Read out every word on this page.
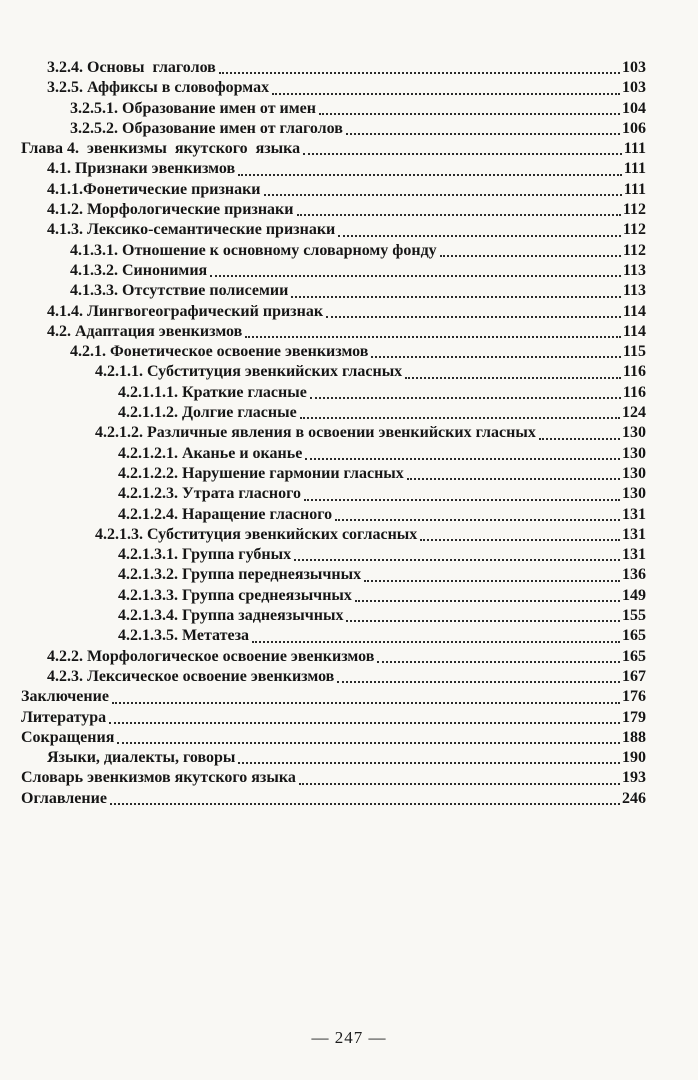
3.2.4. Основы  глаголов	103
3.2.5. Аффиксы в словоформах	103
3.2.5.1. Образование имен от имен	104
3.2.5.2. Образование имен от глаголов	106
Глава 4.  эвенкизмы  якутского  языка	111
4.1. Признаки эвенкизмов	111
4.1.1.Фонетические признаки	111
4.1.2. Морфологические признаки	112
4.1.3. Лексико-семантические признаки	112
4.1.3.1. Отношение к основному словарному фонду	112
4.1.3.2. Синонимия	113
4.1.3.3. Отсутствие полисемии	113
4.1.4. Лингвогеографический признак	114
4.2. Адаптация эвенкизмов	114
4.2.1. Фонетическое освоение эвенкизмов	115
4.2.1.1. Субституция эвенкийских гласных	116
4.2.1.1.1. Краткие гласные	116
4.2.1.1.2. Долгие гласные	124
4.2.1.2. Различные явления в освоении эвенкийских гласных	130
4.2.1.2.1. Аканье и оканье	130
4.2.1.2.2. Нарушение гармонии гласных	130
4.2.1.2.3. Утрата гласного	130
4.2.1.2.4. Наращение гласного	131
4.2.1.3. Субституция эвенкийских согласных	131
4.2.1.3.1. Группа губных	131
4.2.1.3.2. Группа переднеязычных	136
4.2.1.3.3. Группа среднеязычных	149
4.2.1.3.4. Группа заднеязычных	155
4.2.1.3.5. Метатеза	165
4.2.2. Морфологическое освоение эвенкизмов	165
4.2.3. Лексическое освоение эвенкизмов	167
Заключение	176
Литература	179
Сокращения	188
Языки, диалекты, говоры	190
Словарь эвенкизмов якутского языка	193
Оглавление	246
— 247 —
